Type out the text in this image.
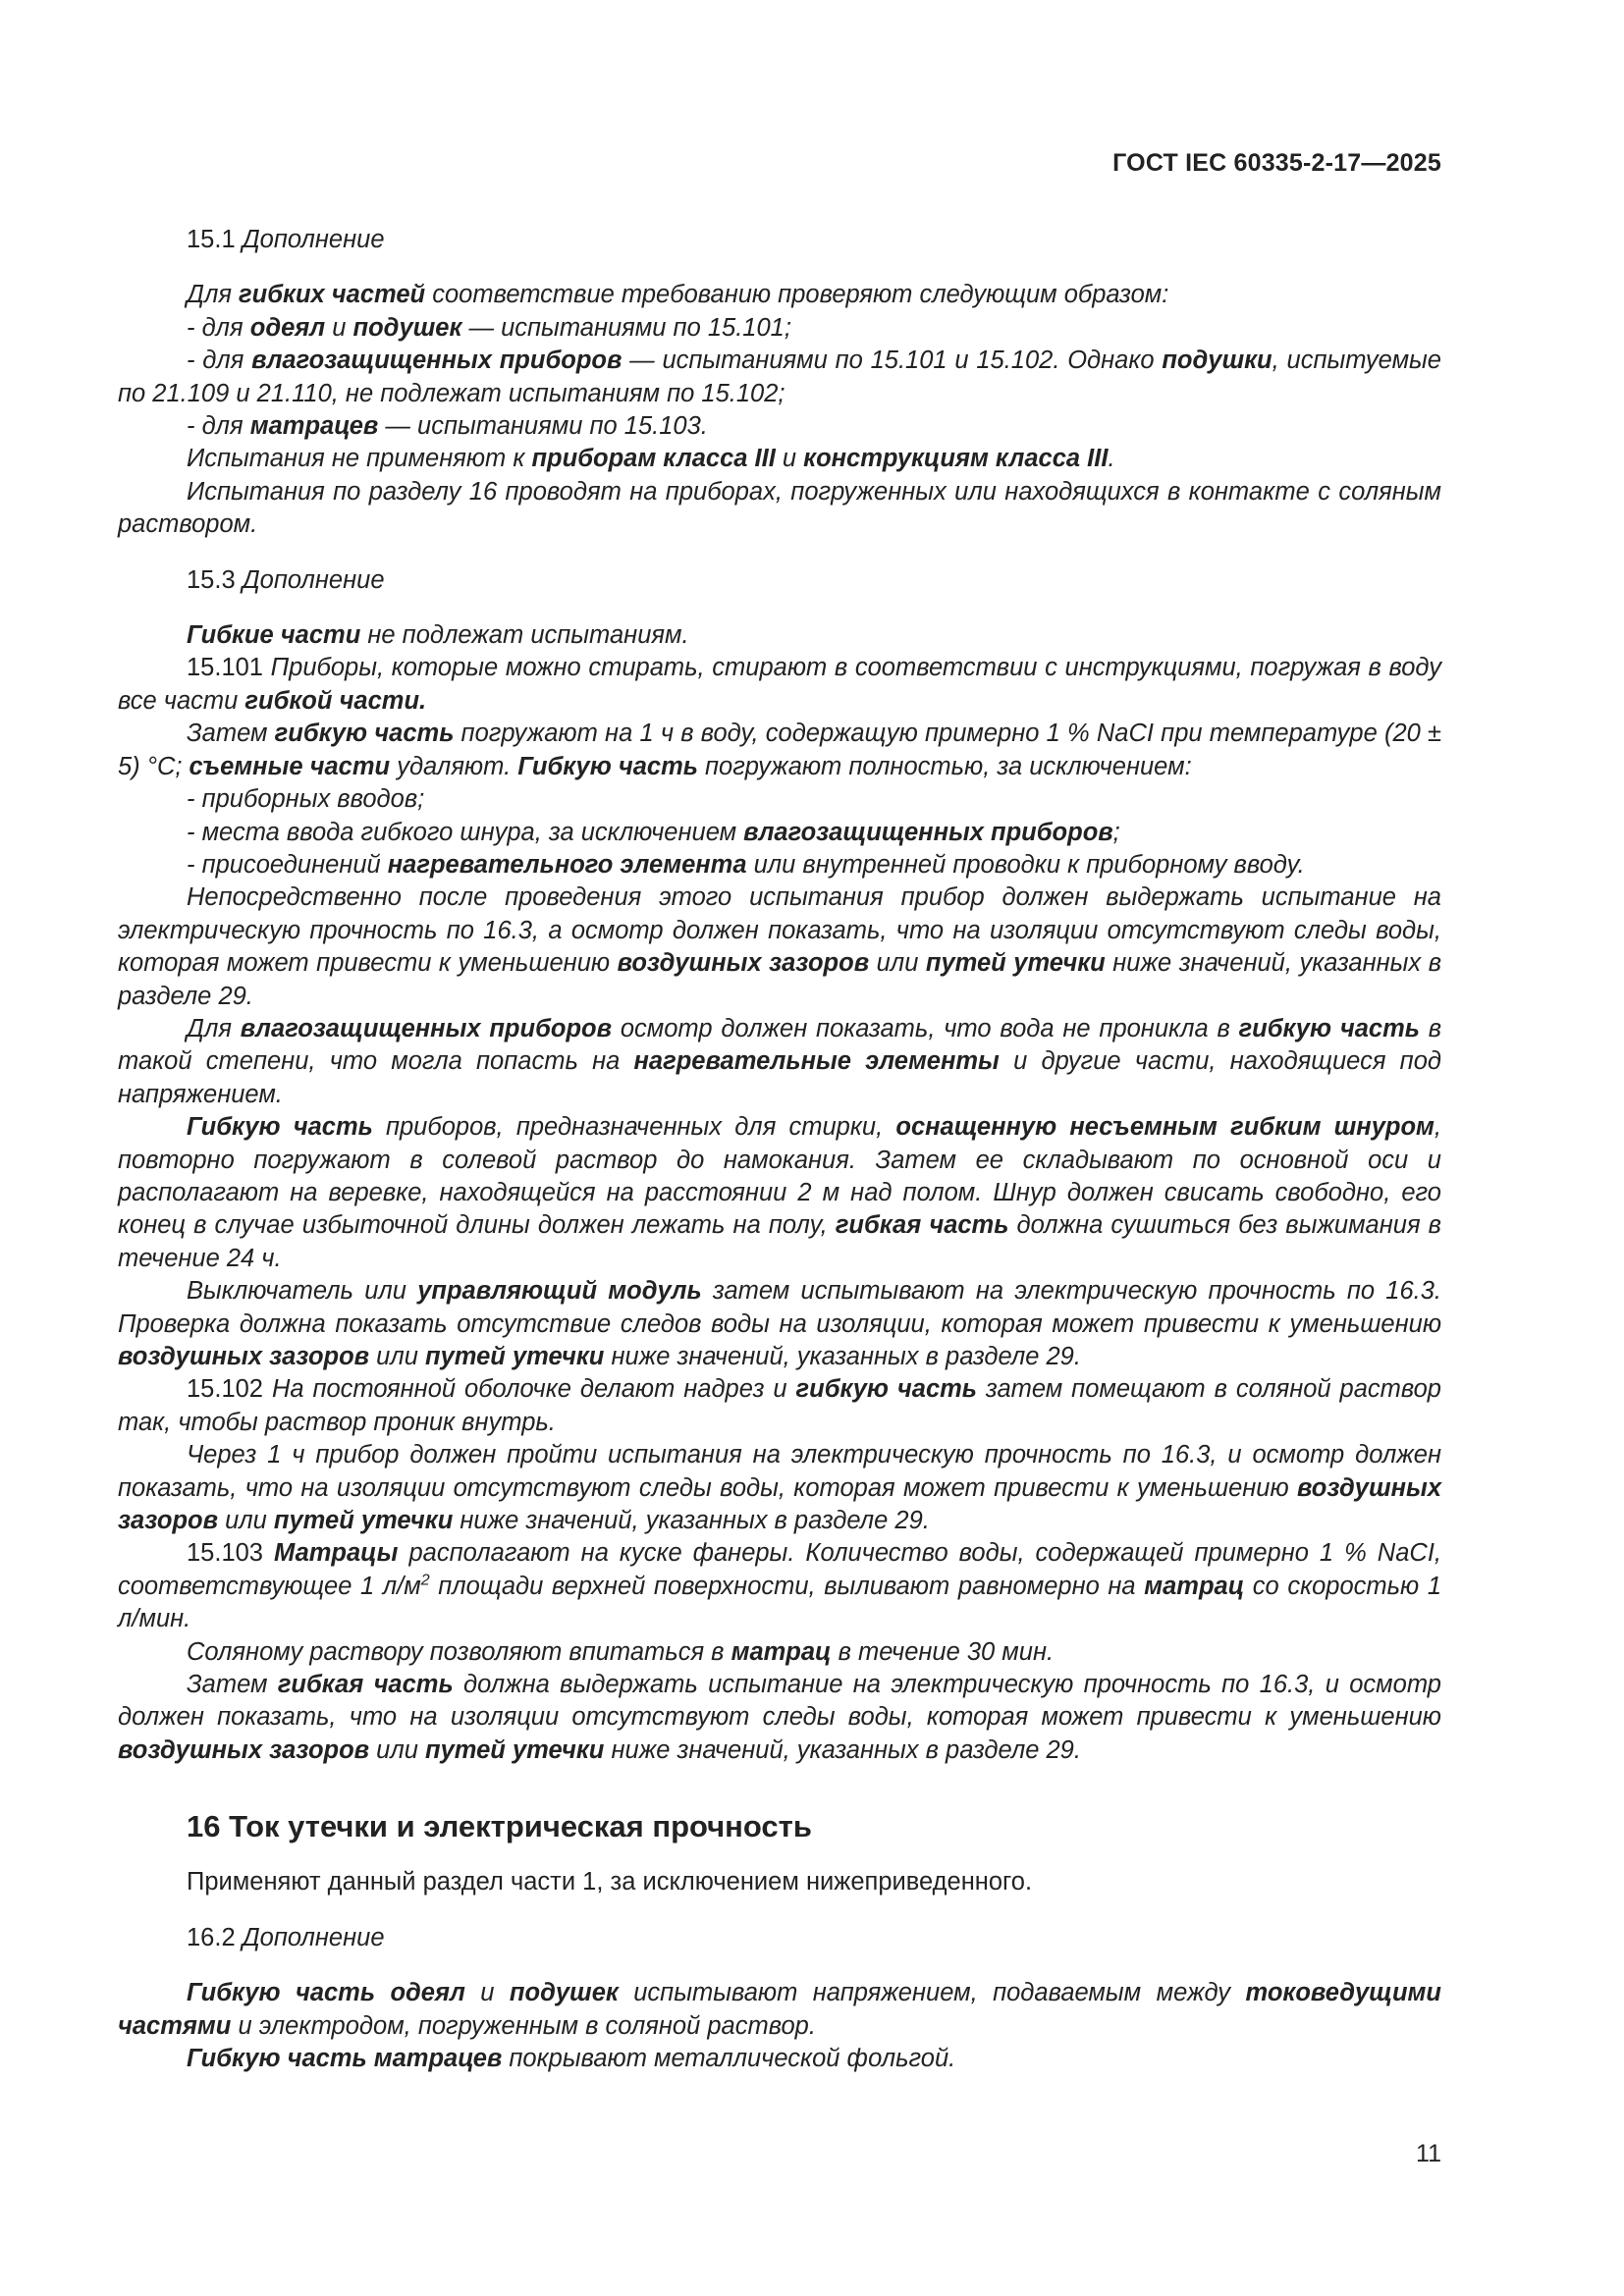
ГОСТ IEC 60335-2-17—2025

15.1 Дополнение

Для гибких частей соответствие требованию проверяют следующим образом:

- для одеял и подушек — испытаниями по 15.101;

- для влагозащищенных приборов — испытаниями по 15.101 и 15.102. Однако подушки, испытуемые по 21.109 и 21.110, не подлежат испытаниям по 15.102;

- для матрацев — испытаниями по 15.103.

Испытания не применяют к приборам класса III и конструкциям класса III.

Испытания по разделу 16 проводят на приборах, погруженных или находящихся в контакте с соляным раствором.

15.3 Дополнение

Гибкие части не подлежат испытаниям.

15.101 Приборы, которые можно стирать, стирают в соответствии с инструкциями, погружая в воду все части гибкой части.

Затем гибкую часть погружают на 1 ч в воду, содержащую примерно 1 % NaCI при температуре (20 ± 5) °С; съемные части удаляют. Гибкую часть погружают полностью, за исключением:

- приборных вводов;

- места ввода гибкого шнура, за исключением влагозащищенных приборов;

- присоединений нагревательного элемента или внутренней проводки к приборному вводу.

Непосредственно после проведения этого испытания прибор должен выдержать испытание на электрическую прочность по 16.3, а осмотр должен показать, что на изоляции отсутствуют следы воды, которая может привести к уменьшению воздушных зазоров или путей утечки ниже значений, указанных в разделе 29.

Для влагозащищенных приборов осмотр должен показать, что вода не проникла в гибкую часть в такой степени, что могла попасть на нагревательные элементы и другие части, находящиеся под напряжением.

Гибкую часть приборов, предназначенных для стирки, оснащенную несъемным гибким шнуром, повторно погружают в солевой раствор до намокания. Затем ее складывают по основной оси и располагают на веревке, находящейся на расстоянии 2 м над полом. Шнур должен свисать свободно, его конец в случае избыточной длины должен лежать на полу, гибкая часть должна сушиться без выжимания в течение 24 ч.

Выключатель или управляющий модуль затем испытывают на электрическую прочность по 16.3. Проверка должна показать отсутствие следов воды на изоляции, которая может привести к уменьшению воздушных зазоров или путей утечки ниже значений, указанных в разделе 29.

15.102 На постоянной оболочке делают надрез и гибкую часть затем помещают в соляной раствор так, чтобы раствор проник внутрь.

Через 1 ч прибор должен пройти испытания на электрическую прочность по 16.3, и осмотр должен показать, что на изоляции отсутствуют следы воды, которая может привести к уменьшению воздушных зазоров или путей утечки ниже значений, указанных в разделе 29.

15.103 Матрацы располагают на куске фанеры. Количество воды, содержащей примерно 1 % NaCI, соответствующее 1 $л/м^2$ площади верхней поверхности, выливают равномерно на матрац со скоростью 1 л/мин.

Соляному раствору позволяют впитаться в матрац в течение 30 мин.

Затем гибкая часть должна выдержать испытание на электрическую прочность по 16.3, и осмотр должен показать, что на изоляции отсутствуют следы воды, которая может привести к уменьшению воздушных зазоров или путей утечки ниже значений, указанных в разделе 29.

16 Ток утечки и электрическая прочность

Применяют данный раздел части 1, за исключением нижеприведенного.

16.2 Дополнение

Гибкую часть одеял и подушек испытывают напряжением, подаваемым между токоведущими частями и электродом, погруженным в соляной раствор.

Гибкую часть матрацев покрывают металлической фольгой.

11
